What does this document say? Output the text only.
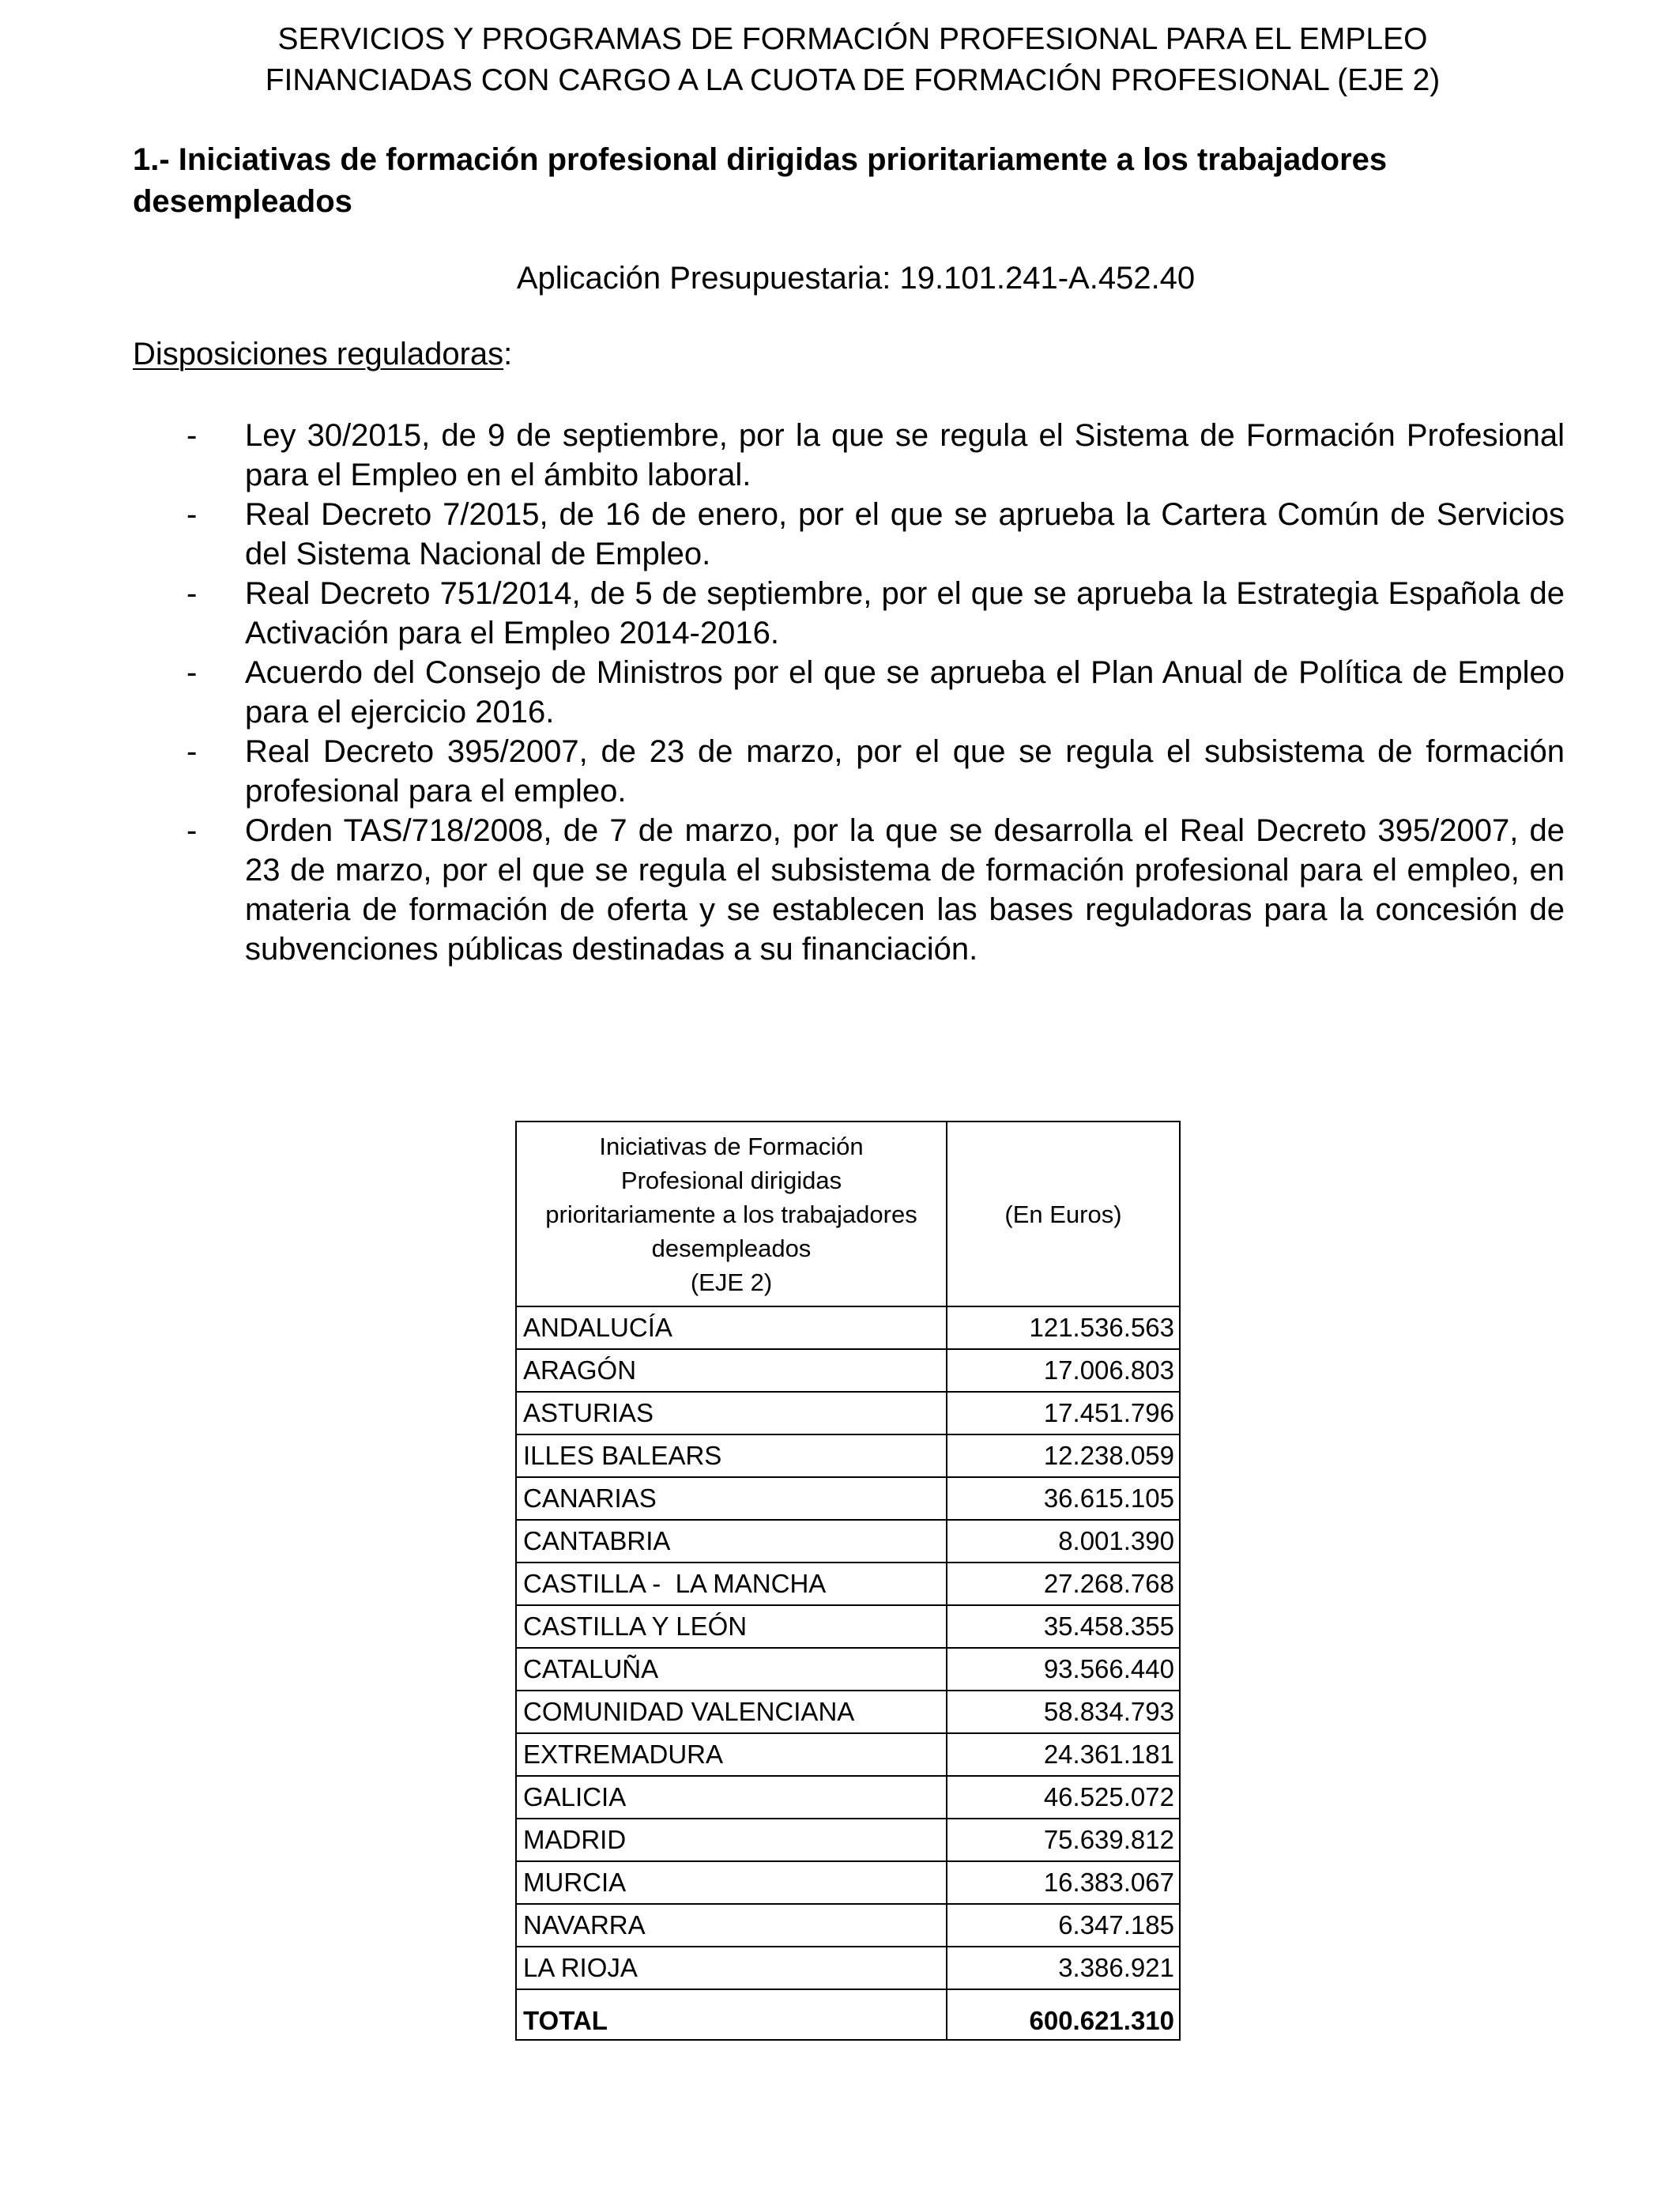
SERVICIOS Y PROGRAMAS DE FORMACIÓN PROFESIONAL PARA EL EMPLEO
FINANCIADAS CON CARGO A LA CUOTA DE FORMACIÓN PROFESIONAL (EJE 2)
1.- Iniciativas de formación profesional dirigidas prioritariamente a los trabajadores desempleados
Aplicación Presupuestaria: 19.101.241-A.452.40
Disposiciones reguladoras:
- Ley 30/2015, de 9 de septiembre, por la que se regula el Sistema de Formación Profesional para el Empleo en el ámbito laboral.
- Real Decreto 7/2015, de 16 de enero, por el que se aprueba la Cartera Común de Servicios del Sistema Nacional de Empleo.
- Real Decreto 751/2014, de 5 de septiembre, por el que se aprueba la Estrategia Española de Activación para el Empleo 2014-2016.
- Acuerdo del Consejo de Ministros por el que se aprueba el Plan Anual de Política de Empleo para el ejercicio 2016.
- Real Decreto 395/2007, de 23 de marzo, por el que se regula el subsistema de formación profesional para el empleo.
- Orden TAS/718/2008, de 7 de marzo, por la que se desarrolla el Real Decreto 395/2007, de 23 de marzo, por el que se regula el subsistema de formación profesional para el empleo, en materia de formación de oferta y se establecen las bases reguladoras para la concesión de subvenciones públicas destinadas a su financiación.
Iniciativas de Formación
Profesional dirigidas
prioritariamente a los trabajadores
desempleados
(EJE 2)	(En Euros)
ANDALUCÍA	121.536.563
ARAGÓN	17.006.803
ASTURIAS	17.451.796
ILLES BALEARS	12.238.059
CANARIAS	36.615.105
CANTABRIA	8.001.390
CASTILLA -  LA MANCHA	27.268.768
CASTILLA Y LEÓN	35.458.355
CATALUÑA	93.566.440
COMUNIDAD VALENCIANA	58.834.793
EXTREMADURA	24.361.181
GALICIA	46.525.072
MADRID	75.639.812
MURCIA	16.383.067
NAVARRA	6.347.185
LA RIOJA	3.386.921

TOTAL	600.621.310
